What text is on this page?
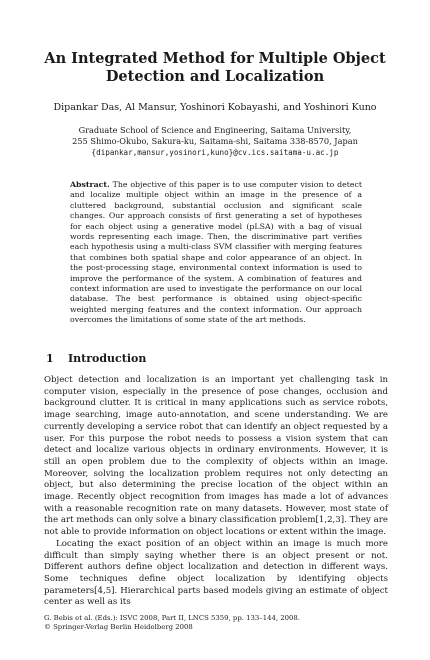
An Integrated Method for Multiple Object
Detection and Localization

Dipankar Das, Al Mansur, Yoshinori Kobayashi, and Yoshinori Kuno

Graduate School of Science and Engineering, Saitama University,
255 Shimo-Okubo, Sakura-ku, Saitama-shi, Saitama 338-8570, Japan
{dipankar,mansur,yosinori,kuno}@cv.ics.saitama-u.ac.jp

Abstract. The objective of this paper is to use computer vision to detect and localize multiple object within an image in the presence of a cluttered background, substantial occlusion and significant scale changes. Our approach consists of first generating a set of hypotheses for each object using a generative model (pLSA) with a bag of visual words representing each image. Then, the discriminative part verifies each hypothesis using a multi-class SVM classifier with merging features that combines both spatial shape and color appearance of an object. In the post-processing stage, environmental context information is used to improve the performance of the system. A combination of features and context information are used to investigate the performance on our local database. The best performance is obtained using object-specific weighted merging features and the context information. Our approach overcomes the limitations of some state of the art methods.

1 Introduction

Object detection and localization is an important yet challenging task in computer vision, especially in the presence of pose changes, occlusion and background clutter. It is critical in many applications such as service robots, image searching, image auto-annotation, and scene understanding. We are currently developing a service robot that can identify an object requested by a user. For this purpose the robot needs to possess a vision system that can detect and localize various objects in ordinary environments. However, it is still an open problem due to the complexity of objects within an image. Moreover, solving the localization problem requires not only detecting an object, but also determining the precise location of the object within an image. Recently object recognition from images has made a lot of advances with a reasonable recognition rate on many datasets. However, most state of the art methods can only solve a binary classification problem[1,2,3]. They are not able to provide information on object locations or extent within the image.

Locating the exact position of an object within an image is much more difficult than simply saying whether there is an object present or not. Different authors define object localization and detection in different ways. Some techniques define object localization by identifying objects parameters[4,5]. Hierarchical parts based models giving an estimate of object center as well as its

G. Bebis et al. (Eds.): ISVC 2008, Part II, LNCS 5359, pp. 133–144, 2008.
© Springer-Verlag Berlin Heidelberg 2008
